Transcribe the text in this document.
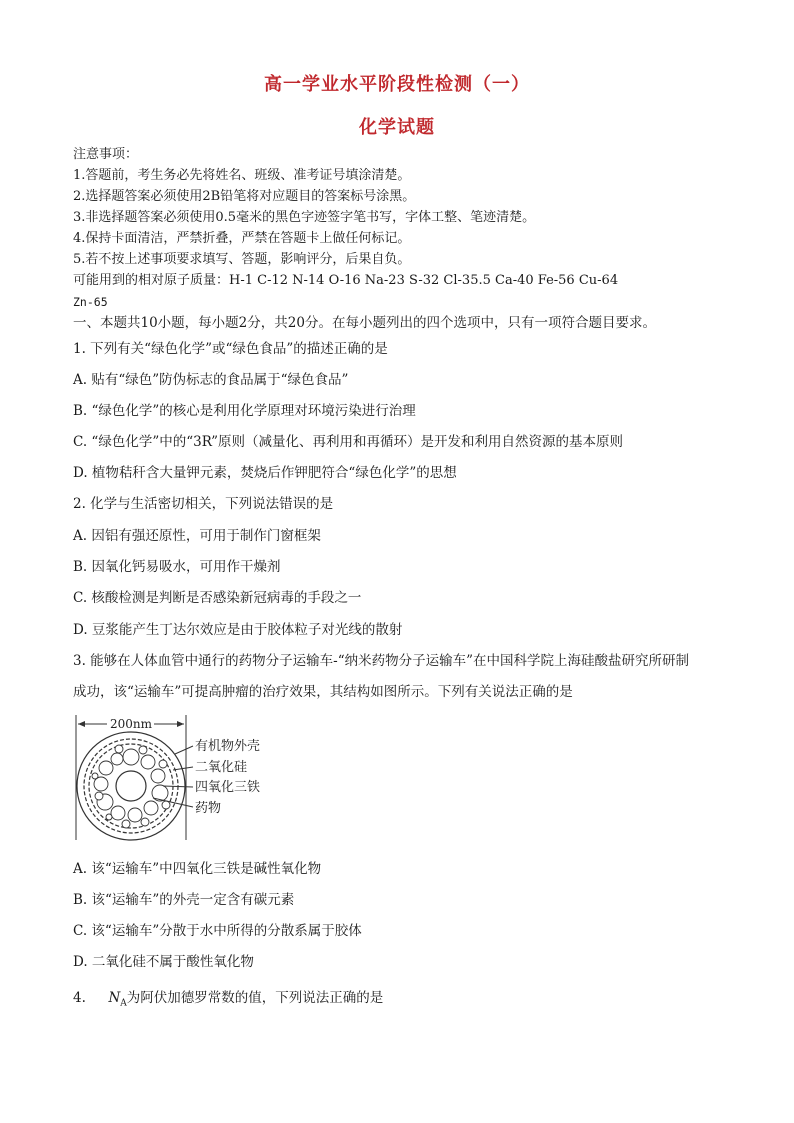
高一学业水平阶段性检测（一）
化学试题
注意事项：
1.答题前，考生务必先将姓名、班级、准考证号填涂清楚。
2.选择题答案必须使用2B铅笔将对应题目的答案标号涂黑。
3.非选择题答案必须使用0.5毫米的黑色字迹签字笔书写，字体工整、笔迹清楚。
4.保持卡面清洁，严禁折叠，严禁在答题卡上做任何标记。
5.若不按上述事项要求填写、答题，影响评分，后果自负。
可能用到的相对原子质量：H-1 C-12 N-14 O-16 Na-23 S-32 Cl-35.5 Ca-40 Fe-56 Cu-64
Zn-65
一、本题共10小题，每小题2分，共20分。在每小题列出的四个选项中，只有一项符合题目要求。
1. 下列有关“绿色化学”或“绿色食品”的描述正确的是
A. 贴有“绿色”防伪标志的食品属于“绿色食品”
B. “绿色化学”的核心是利用化学原理对环境污染进行治理
C. “绿色化学”中的“3R”原则（减量化、再利用和再循环）是开发和利用自然资源的基本原则
D. 植物秸秆含大量钾元素，焚烧后作钾肥符合“绿色化学”的思想
2. 化学与生活密切相关，下列说法错误的是
A. 因铝有强还原性，可用于制作门窗框架
B. 因氧化钙易吸水，可用作干燥剂
C. 核酸检测是判断是否感染新冠病毒的手段之一
D. 豆浆能产生丁达尔效应是由于胶体粒子对光线的散射
3. 能够在人体血管中通行的药物分子运输车-“纳米药物分子运输车”在中国科学院上海硅酸盐研究所研制
成功，该“运输车”可提高肿瘤的治疗效果，其结构如图所示。下列有关说法正确的是
200nm
有机物外壳
二氧化硅
四氧化三铁
药物
A. 该“运输车”中四氧化三铁是碱性氧化物
B. 该“运输车”的外壳一定含有碳元素
C. 该“运输车”分散于水中所得的分散系属于胶体
D. 二氧化硅不属于酸性氧化物
4. $N_A$为阿伏加德罗常数的值，下列说法正确的是
